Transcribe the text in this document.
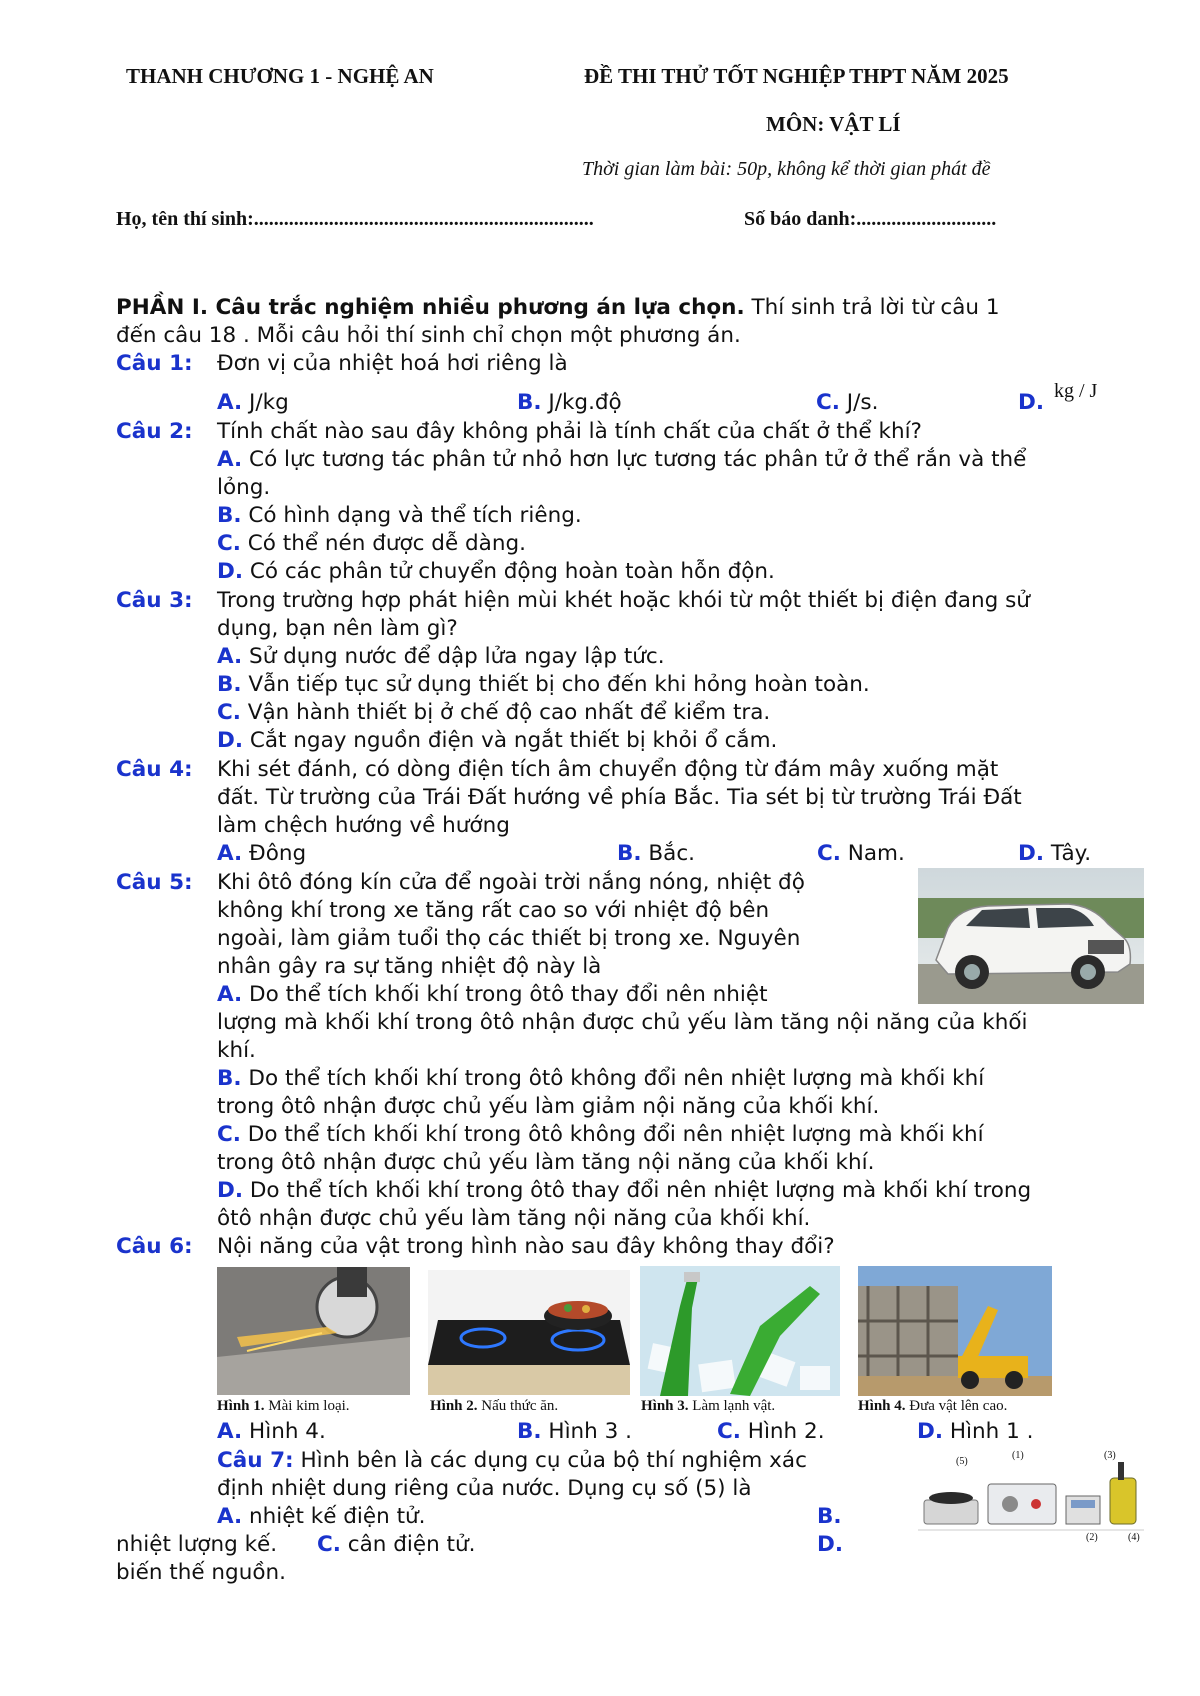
THANH CHƯƠNG 1 - NGHỆ AN	ĐỀ THI THỬ TỐT NGHIỆP THPT NĂM 2025
MÔN: VẬT LÍ
Thời gian làm bài: 50p, không kể thời gian phát đề
Họ, tên thí sinh:....................................................................	Số báo danh:............................
PHẦN I. Câu trắc nghiệm nhiều phương án lựa chọn. Thí sinh trả lời từ câu 1
đến câu 18 . Mỗi câu hỏi thí sinh chỉ chọn một phương án.
Câu 1: Đơn vị của nhiệt hoá hơi riêng là
A. J/kg	B. J/kg.độ	C. J/s.	D. kg / J
Câu 2: Tính chất nào sau đây không phải là tính chất của chất ở thể khí?
A. Có lực tương tác phân tử nhỏ hơn lực tương tác phân tử ở thể rắn và thể
lỏng.
B. Có hình dạng và thể tích riêng.
C. Có thể nén được dễ dàng.
D. Có các phân tử chuyển động hoàn toàn hỗn độn.
Câu 3: Trong trường hợp phát hiện mùi khét hoặc khói từ một thiết bị điện đang sử
dụng, bạn nên làm gì?
A. Sử dụng nước để dập lửa ngay lập tức.
B. Vẫn tiếp tục sử dụng thiết bị cho đến khi hỏng hoàn toàn.
C. Vận hành thiết bị ở chế độ cao nhất để kiểm tra.
D. Cắt ngay nguồn điện và ngắt thiết bị khỏi ổ cắm.
Câu 4: Khi sét đánh, có dòng điện tích âm chuyển động từ đám mây xuống mặt
đất. Từ trường của Trái Đất hướng về phía Bắc. Tia sét bị từ trường Trái Đất
làm chệch hướng về hướng
A. Đông	B. Bắc.	C. Nam.	D. Tây.
Câu 5: Khi ôtô đóng kín cửa để ngoài trời nắng nóng, nhiệt độ
không khí trong xe tăng rất cao so với nhiệt độ bên
ngoài, làm giảm tuổi thọ các thiết bị trong xe. Nguyên
nhân gây ra sự tăng nhiệt độ này là
A. Do thể tích khối khí trong ôtô thay đổi nên nhiệt
lượng mà khối khí trong ôtô nhận được chủ yếu làm tăng nội năng của khối
khí.
B. Do thể tích khối khí trong ôtô không đổi nên nhiệt lượng mà khối khí
trong ôtô nhận được chủ yếu làm giảm nội năng của khối khí.
C. Do thể tích khối khí trong ôtô không đổi nên nhiệt lượng mà khối khí
trong ôtô nhận được chủ yếu làm tăng nội năng của khối khí.
D. Do thể tích khối khí trong ôtô thay đổi nên nhiệt lượng mà khối khí trong
ôtô nhận được chủ yếu làm tăng nội năng của khối khí.
Câu 6: Nội năng của vật trong hình nào sau đây không thay đổi?
Hình 1. Mài kim loại.	Hình 2. Nấu thức ăn.	Hình 3. Làm lạnh vật.	Hình 4. Đưa vật lên cao.
A. Hình 4.	B. Hình 3 .	C. Hình 2.	D. Hình 1 .
Câu 7: Hình bên là các dụng cụ của bộ thí nghiệm xác
định nhiệt dung riêng của nước. Dụng cụ số (5) là
A. nhiệt kế điện tử.	B.
nhiệt lượng kế. C. cân điện tử.	D.
biến thế nguồn.
(5)
(1)	(3)
(2)	(4)
